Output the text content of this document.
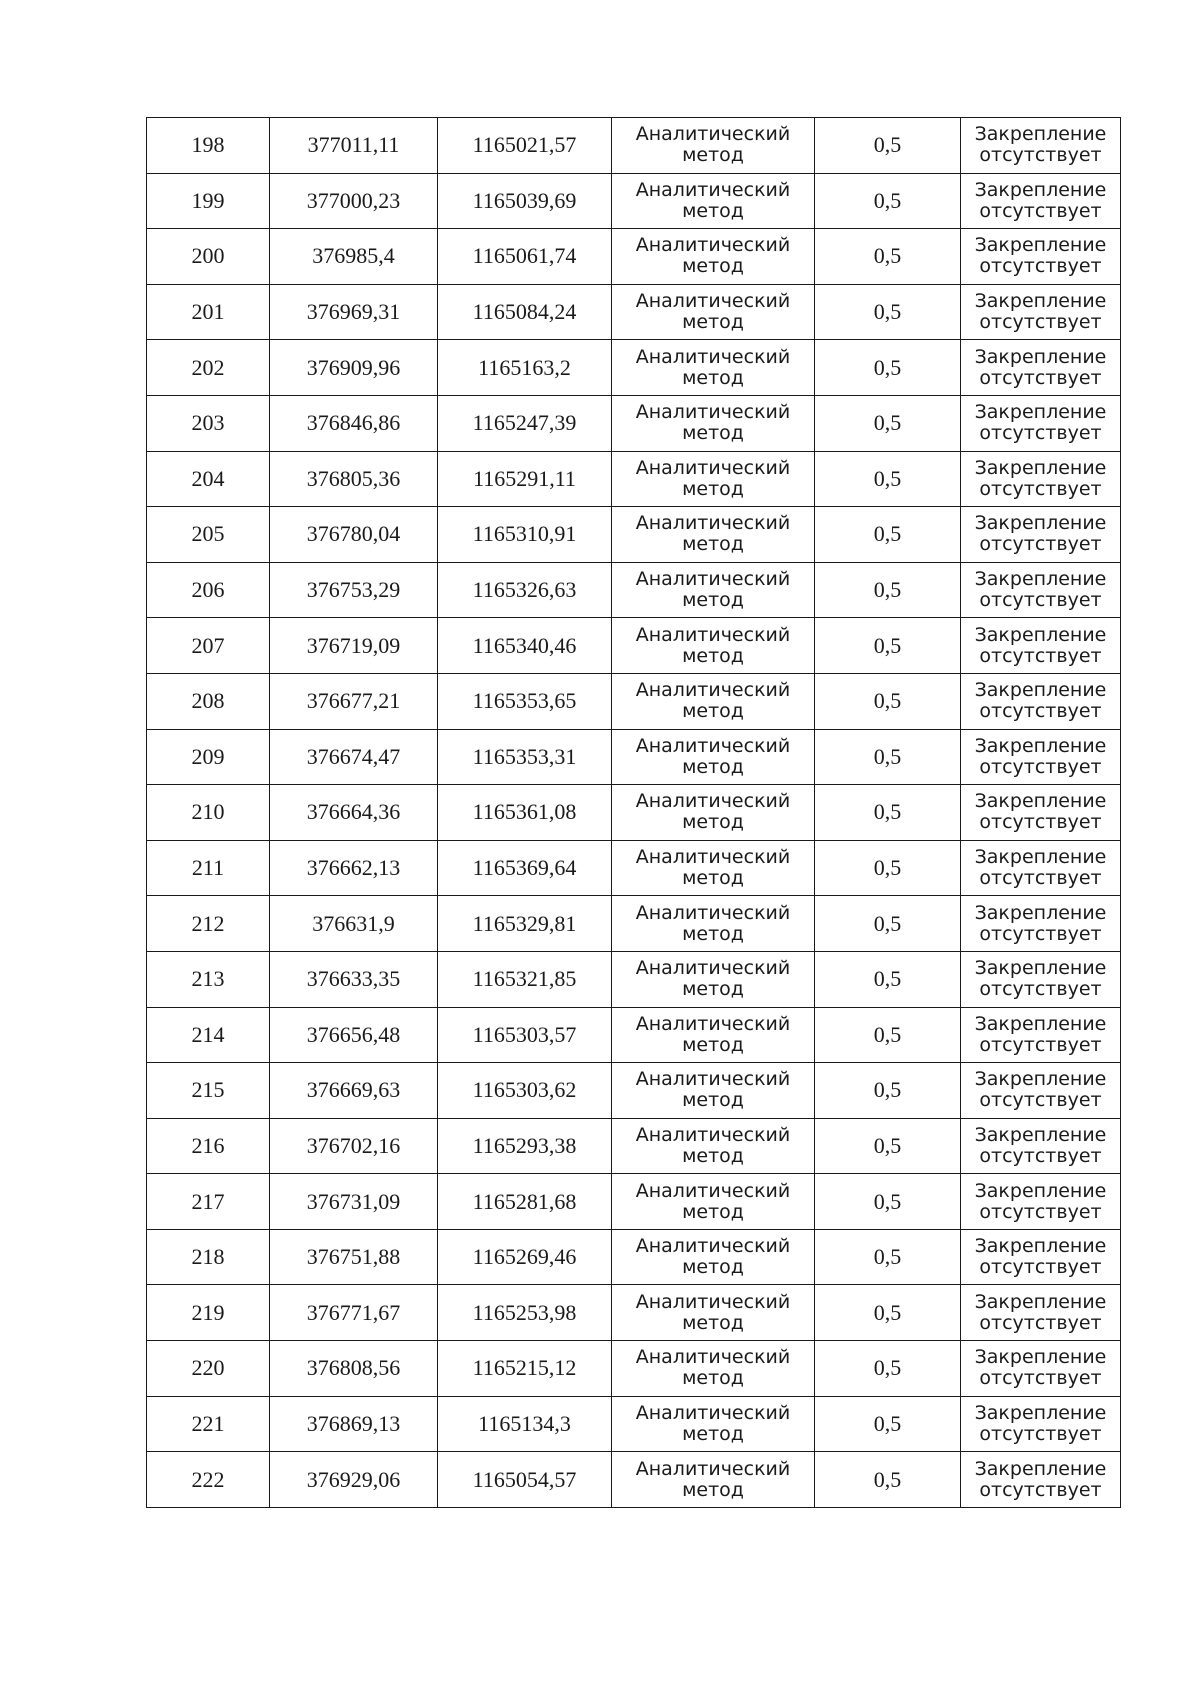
198	377011,11	1165021,57	Аналитический
метод	0,5	Закрепление
отсутствует

199	377000,23	1165039,69	Аналитический
метод	0,5	Закрепление
отсутствует

200	376985,4	1165061,74	Аналитический
метод	0,5	Закрепление
отсутствует

201	376969,31	1165084,24	Аналитический
метод	0,5	Закрепление
отсутствует

202	376909,96	1165163,2	Аналитический
метод	0,5	Закрепление
отсутствует

203	376846,86	1165247,39	Аналитический
метод	0,5	Закрепление
отсутствует

204	376805,36	1165291,11	Аналитический
метод	0,5	Закрепление
отсутствует

205	376780,04	1165310,91	Аналитический
метод	0,5	Закрепление
отсутствует

206	376753,29	1165326,63	Аналитический
метод	0,5	Закрепление
отсутствует

207	376719,09	1165340,46	Аналитический
метод	0,5	Закрепление
отсутствует

208	376677,21	1165353,65	Аналитический
метод	0,5	Закрепление
отсутствует

209	376674,47	1165353,31	Аналитический
метод	0,5	Закрепление
отсутствует

210	376664,36	1165361,08	Аналитический
метод	0,5	Закрепление
отсутствует

211	376662,13	1165369,64	Аналитический
метод	0,5	Закрепление
отсутствует

212	376631,9	1165329,81	Аналитический
метод	0,5	Закрепление
отсутствует

213	376633,35	1165321,85	Аналитический
метод	0,5	Закрепление
отсутствует

214	376656,48	1165303,57	Аналитический
метод	0,5	Закрепление
отсутствует

215	376669,63	1165303,62	Аналитический
метод	0,5	Закрепление
отсутствует

216	376702,16	1165293,38	Аналитический
метод	0,5	Закрепление
отсутствует

217	376731,09	1165281,68	Аналитический
метод	0,5	Закрепление
отсутствует

218	376751,88	1165269,46	Аналитический
метод	0,5	Закрепление
отсутствует

219	376771,67	1165253,98	Аналитический
метод	0,5	Закрепление
отсутствует

220	376808,56	1165215,12	Аналитический
метод	0,5	Закрепление
отсутствует

221	376869,13	1165134,3	Аналитический
метод	0,5	Закрепление
отсутствует

222	376929,06	1165054,57	Аналитический
метод	0,5	Закрепление
отсутствует
